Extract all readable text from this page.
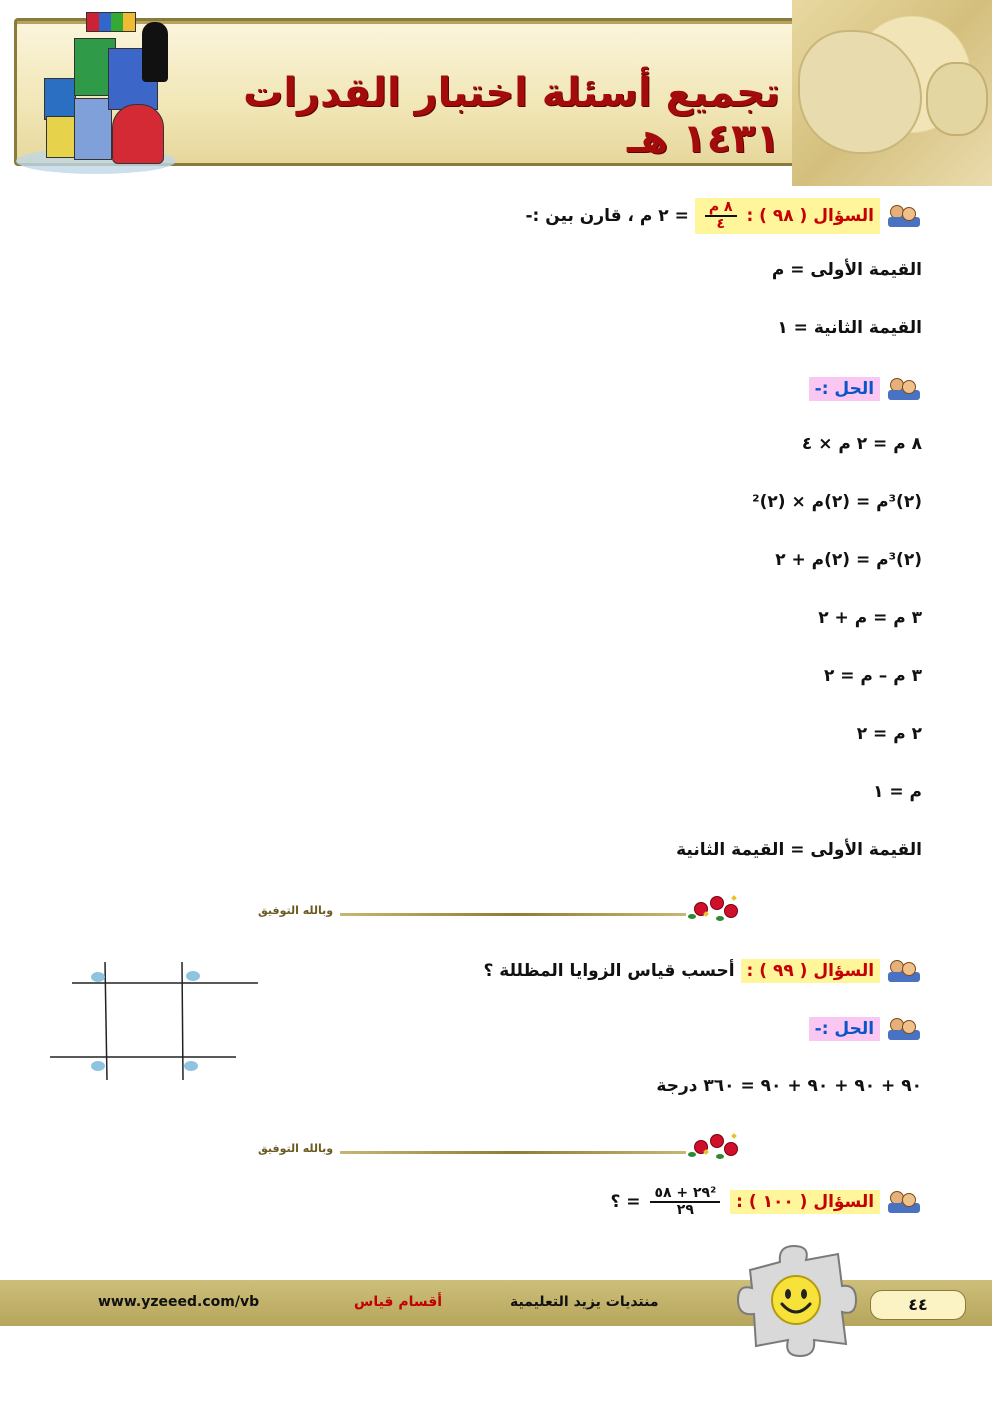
تجميع أسئلة اختبار القدرات ١٤٣١ هـ
السؤال ( ٩٨ ) :
$\frac{\text{٨ م}}{٤}$
= ٢ م ، قارن بين :-
القيمة الأولى = م
القيمة الثانية = ١
الحل :-
٨ م = ٢ م × ٤
(٢)³م = (٢)م × (٢)²
(٢)³م = (٢)م + ٢
٣ م = م + ٢
٣ م – م = ٢
٢ م = ٢
م = ١
القيمة الأولى = القيمة الثانية
وبالله التوفيق
السؤال ( ٩٩ ) : أحسب قياس الزوايا المظللة ؟
الحل :-
٩٠ + ٩٠ + ٩٠ + ٩٠ = ٣٦٠ درجة
وبالله التوفيق
السؤال ( ١٠٠ ) :
$\frac{\text{٢٩² + ٥٨}}{٢٩}$
= ؟
www.yzeeed.com/vb	أقسام قياس	منتديات يزيد التعليمية	٤٤
